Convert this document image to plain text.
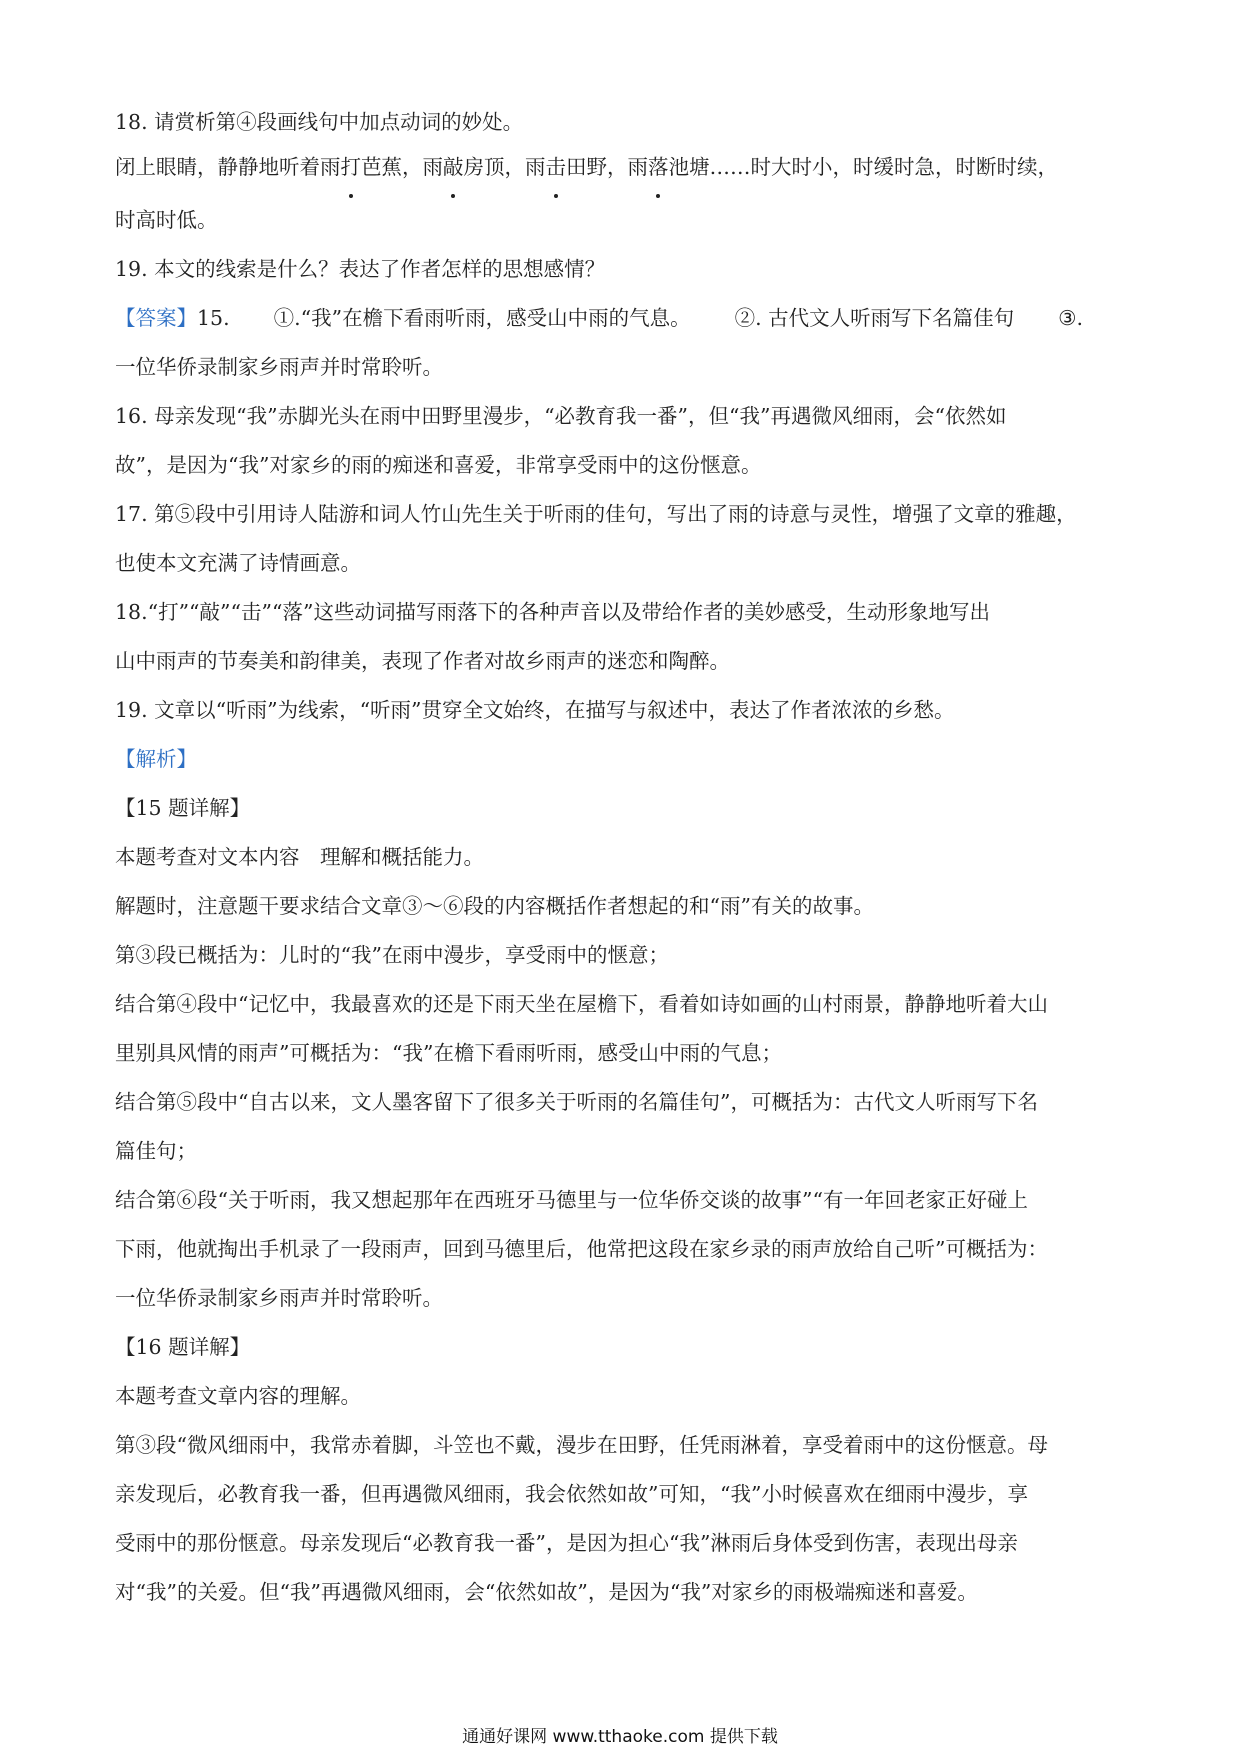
18. 请赏析第④段画线句中加点动词的妙处。

闭上眼睛，静静地听着雨打芭蕉，雨敲房顶，雨击田野，雨落池塘……时大时小，时缓时急，时断时续，

时高时低。

19. 本文的线索是什么？表达了作者怎样的思想感情？

【答案】15. ①.“我”在檐下看雨听雨，感受山中雨的气息。 ②. 古代文人听雨写下名篇佳句 ③.

一位华侨录制家乡雨声并时常聆听。

16. 母亲发现“我”赤脚光头在雨中田野里漫步，“必教育我一番”，但“我”再遇微风细雨，会“依然如

故”，是因为“我”对家乡的雨的痴迷和喜爱，非常享受雨中的这份惬意。

17. 第⑤段中引用诗人陆游和词人竹山先生关于听雨的佳句，写出了雨的诗意与灵性，增强了文章的雅趣，

也使本文充满了诗情画意。

18.“打”“敲”“击”“落”这些动词描写雨落下的各种声音以及带给作者的美妙感受，生动形象地写出

山中雨声的节奏美和韵律美，表现了作者对故乡雨声的迷恋和陶醉。

19. 文章以“听雨”为线索，“听雨”贯穿全文始终，在描写与叙述中，表达了作者浓浓的乡愁。

【解析】

【15 题详解】

本题考查对文本内容　理解和概括能力。

解题时，注意题干要求结合文章③～⑥段的内容概括作者想起的和“雨”有关的故事。

第③段已概括为：儿时的“我”在雨中漫步，享受雨中的惬意；

结合第④段中“记忆中，我最喜欢的还是下雨天坐在屋檐下，看着如诗如画的山村雨景，静静地听着大山

里别具风情的雨声”可概括为：“我”在檐下看雨听雨，感受山中雨的气息；

结合第⑤段中“自古以来，文人墨客留下了很多关于听雨的名篇佳句”，可概括为：古代文人听雨写下名

篇佳句；

结合第⑥段“关于听雨，我又想起那年在西班牙马德里与一位华侨交谈的故事”“有一年回老家正好碰上

下雨，他就掏出手机录了一段雨声，回到马德里后，他常把这段在家乡录的雨声放给自己听”可概括为：

一位华侨录制家乡雨声并时常聆听。

【16 题详解】

本题考查文章内容的理解。

第③段“微风细雨中，我常赤着脚，斗笠也不戴，漫步在田野，任凭雨淋着，享受着雨中的这份惬意。母

亲发现后，必教育我一番，但再遇微风细雨，我会依然如故”可知，“我”小时候喜欢在细雨中漫步，享

受雨中的那份惬意。母亲发现后“必教育我一番”，是因为担心“我”淋雨后身体受到伤害，表现出母亲

对“我”的关爱。但“我”再遇微风细雨，会“依然如故”，是因为“我”对家乡的雨极端痴迷和喜爱。

通通好课网 www.tthaoke.com 提供下载
